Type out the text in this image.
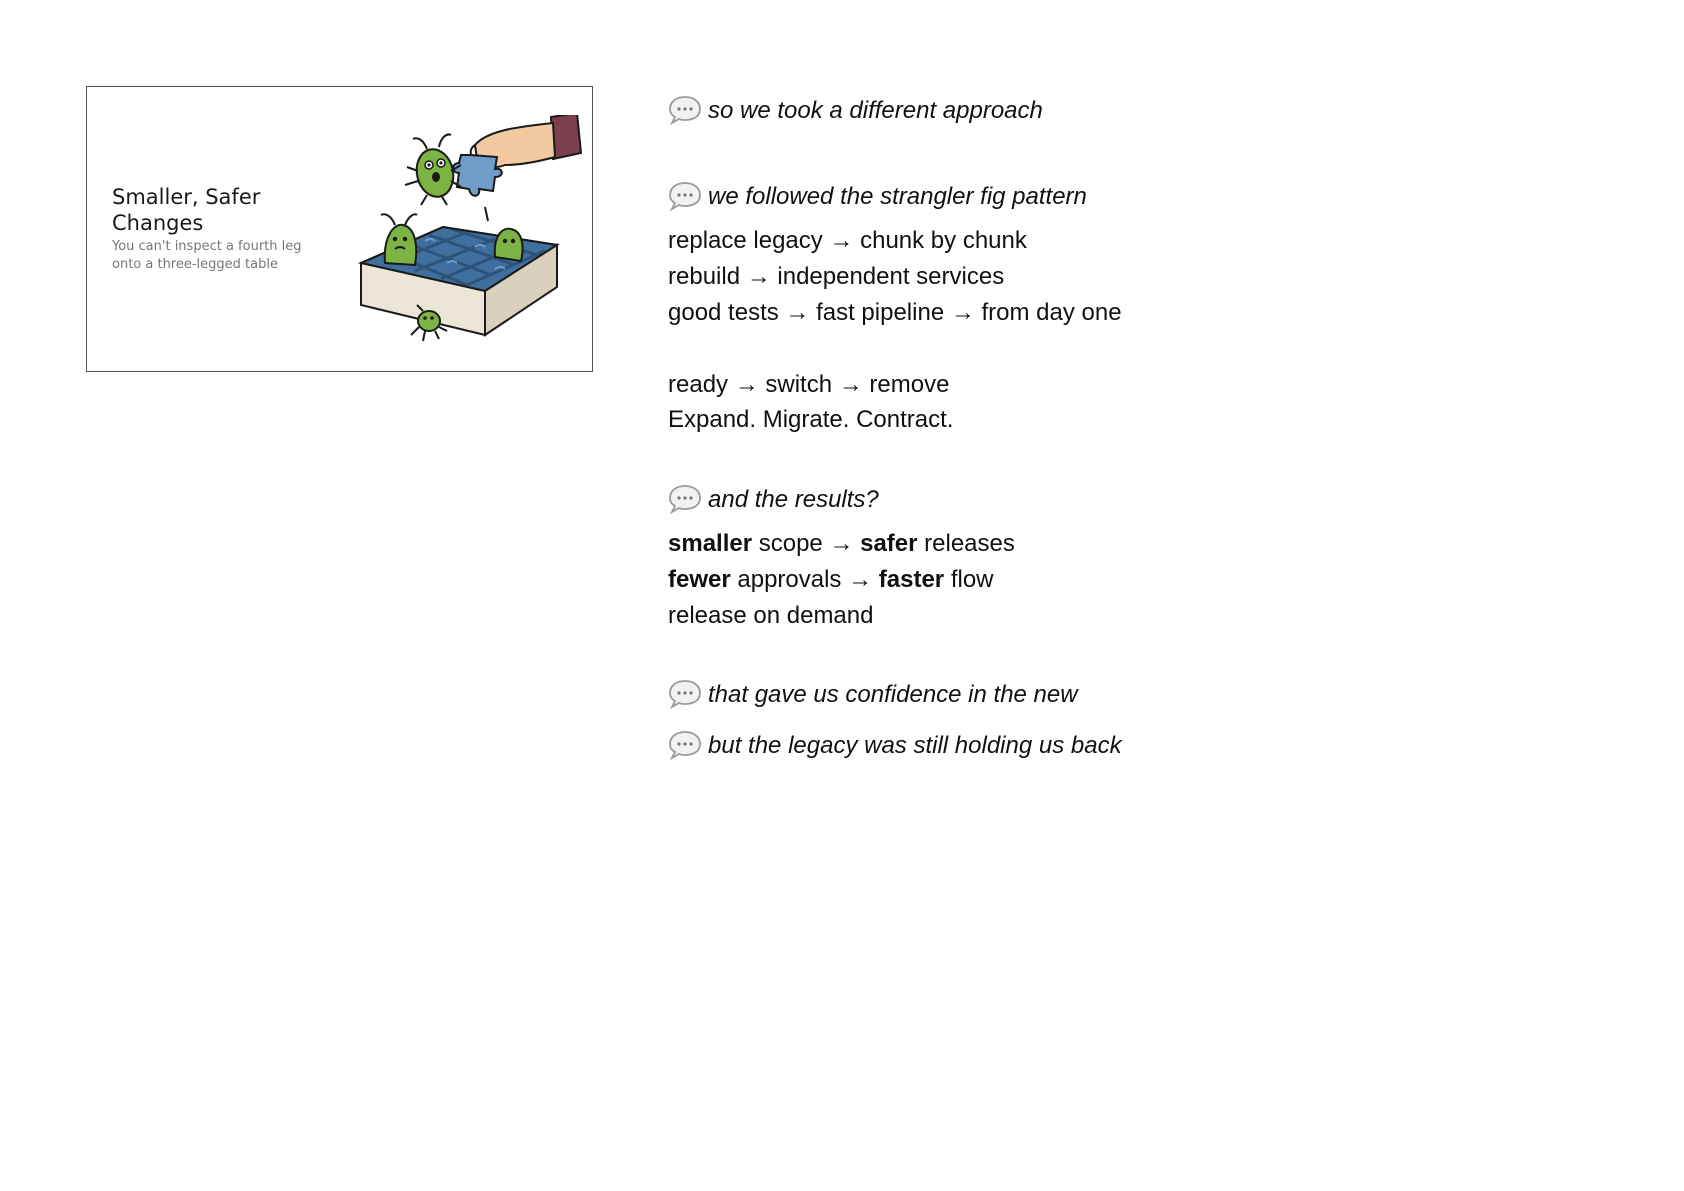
Smaller, Safer Changes

You can't inspect a fourth leg onto a three-legged table

so we took a different approach

we followed the strangler fig pattern

replace legacy → chunk by chunk

rebuild → independent services

good tests → fast pipeline → from day one

ready → switch → remove

Expand. Migrate. Contract.

and the results?

smaller scope → safer releases

fewer approvals → faster flow

release on demand

that gave us confidence in the new

but the legacy was still holding us back
